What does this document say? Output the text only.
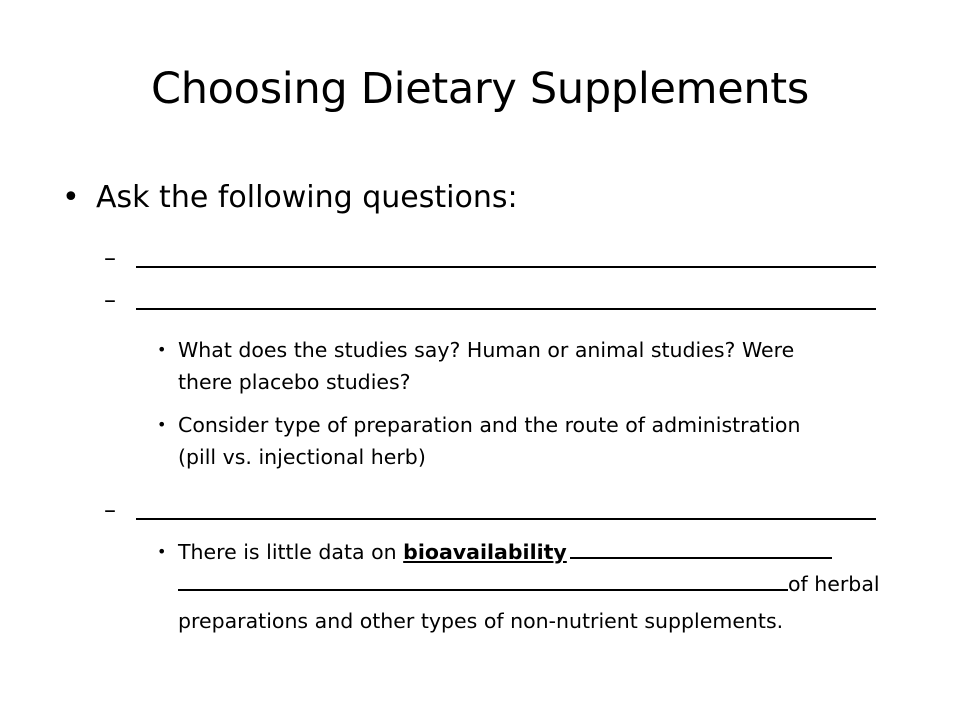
Choosing Dietary Supplements
• Ask the following questions:
–
–
• What does the studies say? Human or animal studies? Were
there placebo studies?
• Consider type of preparation and the route of administration
(pill vs. injectional herb)
–
• There is little data on bioavailability
of herbal
preparations and other types of non-nutrient supplements.
